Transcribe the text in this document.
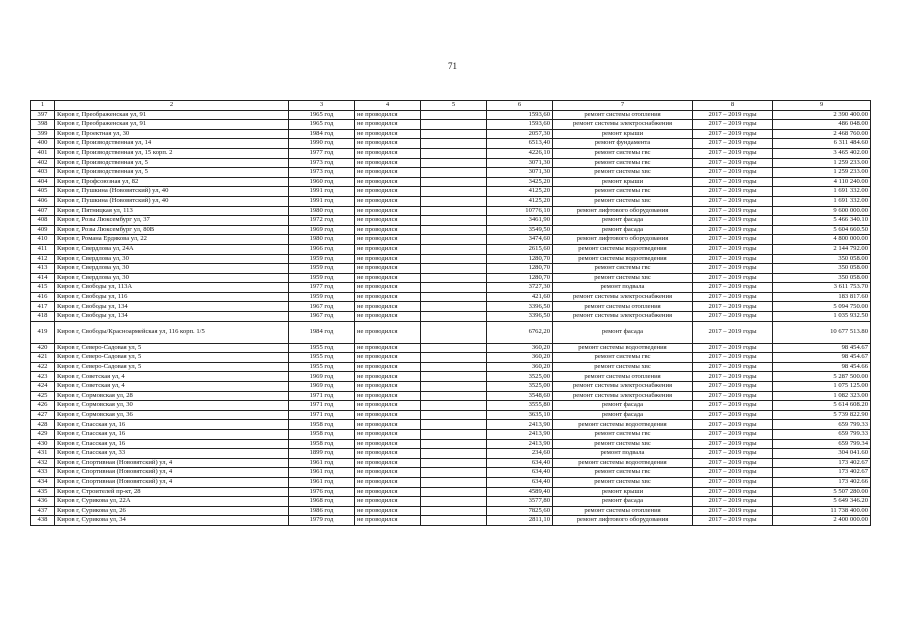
71
1	2	3	4	5	6	7	8	9
397	Киров г, Преображенская ул, 91	1965 год	не проводился		1593,60	ремонт системы отопления	2017 – 2019 годы	2 390 400.00
398	Киров г, Преображенская ул, 91	1965 год	не проводился		1593,60	ремонт системы электроснабжения	2017 – 2019 годы	486 048.00
399	Киров г, Проектная ул, 30	1984 год	не проводился		2057,30	ремонт крыши	2017 – 2019 годы	2 468 760.00
400	Киров г, Производственная ул, 14	1990 год	не проводился		6513,40	ремонт фундамента	2017 – 2019 годы	6 311 484.60
401	Киров г, Производственная ул, 15 корп. 2	1977 год	не проводился		4226,10	ремонт системы гвс	2017 – 2019 годы	3 465 402.00
402	Киров г, Производственная ул, 5	1973 год	не проводился		3071,30	ремонт системы гвс	2017 – 2019 годы	1 259 233.00
403	Киров г, Производственная ул, 5	1973 год	не проводился		3071,30	ремонт системы хвс	2017 – 2019 годы	1 259 233.00
404	Киров г, Профсоюзная ул, 82	1960 год	не проводился		3425,20	ремонт крыши	2017 – 2019 годы	4 110 240.00
405	Киров г, Пушкина (Нововятский) ул, 40	1991 год	не проводился		4125,20	ремонт системы гвс	2017 – 2019 годы	1 691 332.00
406	Киров г, Пушкина (Нововятский) ул, 40	1991 год	не проводился		4125,20	ремонт системы хвс	2017 – 2019 годы	1 691 332.00
407	Киров г, Пятницкая ул, 113	1980 год	не проводился		10776,10	ремонт лифтового оборудования	2017 – 2019 годы	9 600 000.00
408	Киров г, Розы Люксембург ул, 37	1972 год	не проводился		3461,90	ремонт фасада	2017 – 2019 годы	5 466 340.10
409	Киров г, Розы Люксембург ул, 80В	1969 год	не проводился		3549,50	ремонт фасада	2017 – 2019 годы	5 604 660.50
410	Киров г, Романа Ердякова ул, 22	1980 год	не проводился		3474,60	ремонт лифтового оборудования	2017 – 2019 годы	4 800 000.00
411	Киров г, Свердлова ул, 24А	1966 год	не проводился		2615,60	ремонт системы водоотведения	2017 – 2019 годы	2 144 792.00
412	Киров г, Свердлова ул, 30	1959 год	не проводился		1280,70	ремонт системы водоотведения	2017 – 2019 годы	350 058.00
413	Киров г, Свердлова ул, 30	1959 год	не проводился		1280,70	ремонт системы гвс	2017 – 2019 годы	350 058.00
414	Киров г, Свердлова ул, 30	1959 год	не проводился		1280,70	ремонт системы хвс	2017 – 2019 годы	350 058.00
415	Киров г, Свободы ул, 113А	1977 год	не проводился		3727,30	ремонт подвала	2017 – 2019 годы	3 611 753.70
416	Киров г, Свободы ул, 116	1959 год	не проводился		421,60	ремонт системы электроснабжения	2017 – 2019 годы	183 817.60
417	Киров г, Свободы ул, 134	1967 год	не проводился		3396,50	ремонт системы отопления	2017 – 2019 годы	5 094 750.00
418	Киров г, Свободы ул, 134	1967 год	не проводился		3396,50	ремонт системы электроснабжения	2017 – 2019 годы	1 035 932.50
419	Киров г, Свободы/Красноармейская ул, 116 корп. 1/5	1984 год	не проводился		6762,20	ремонт фасада	2017 – 2019 годы	10 677 513.80
420	Киров г, Северо-Садовая ул, 5	1955 год	не проводился		360,20	ремонт системы водоотведения	2017 – 2019 годы	98 454.67
421	Киров г, Северо-Садовая ул, 5	1955 год	не проводился		360,20	ремонт системы гвс	2017 – 2019 годы	98 454.67
422	Киров г, Северо-Садовая ул, 5	1955 год	не проводился		360,20	ремонт системы хвс	2017 – 2019 годы	98 454.66
423	Киров г, Советская ул, 4	1969 год	не проводился		3525,00	ремонт системы отопления	2017 – 2019 годы	5 287 500.00
424	Киров г, Советская ул, 4	1969 год	не проводился		3525,00	ремонт системы электроснабжения	2017 – 2019 годы	1 075 125.00
425	Киров г, Сормовская ул, 28	1971 год	не проводился		3548,60	ремонт системы электроснабжения	2017 – 2019 годы	1 082 323.00
426	Киров г, Сормовская ул, 30	1971 год	не проводился		3555,80	ремонт фасада	2017 – 2019 годы	5 614 608.20
427	Киров г, Сормовская ул, 36	1971 год	не проводился		3635,10	ремонт фасада	2017 – 2019 годы	5 739 822.90
428	Киров г, Спасская ул, 16	1958 год	не проводился		2413,90	ремонт системы водоотведения	2017 – 2019 годы	659 799.33
429	Киров г, Спасская ул, 16	1958 год	не проводился		2413,90	ремонт системы гвс	2017 – 2019 годы	659 799.33
430	Киров г, Спасская ул, 16	1958 год	не проводился		2413,90	ремонт системы хвс	2017 – 2019 годы	659 799.34
431	Киров г, Спасская ул, 33	1899 год	не проводился		234,60	ремонт подвала	2017 – 2019 годы	304 041.60
432	Киров г, Спортивная (Нововятский) ул, 4	1961 год	не проводился		634,40	ремонт системы водоотведения	2017 – 2019 годы	173 402.67
433	Киров г, Спортивная (Нововятский) ул, 4	1961 год	не проводился		634,40	ремонт системы гвс	2017 – 2019 годы	173 402.67
434	Киров г, Спортивная (Нововятский) ул, 4	1961 год	не проводился		634,40	ремонт системы хвс	2017 – 2019 годы	173 402.66
435	Киров г, Строителей пр-кт, 28	1976 год	не проводился		4589,40	ремонт крыши	2017 – 2019 годы	5 507 280.00
436	Киров г, Сурикова ул, 22А	1968 год	не проводился		3577,80	ремонт фасада	2017 – 2019 годы	5 649 346.20
437	Киров г, Сурикова ул, 26	1986 год	не проводился		7825,60	ремонт системы отопления	2017 – 2019 годы	11 738 400.00
438	Киров г, Сурикова ул, 34	1979 год	не проводился		2811,10	ремонт лифтового оборудования	2017 – 2019 годы	2 400 000.00
